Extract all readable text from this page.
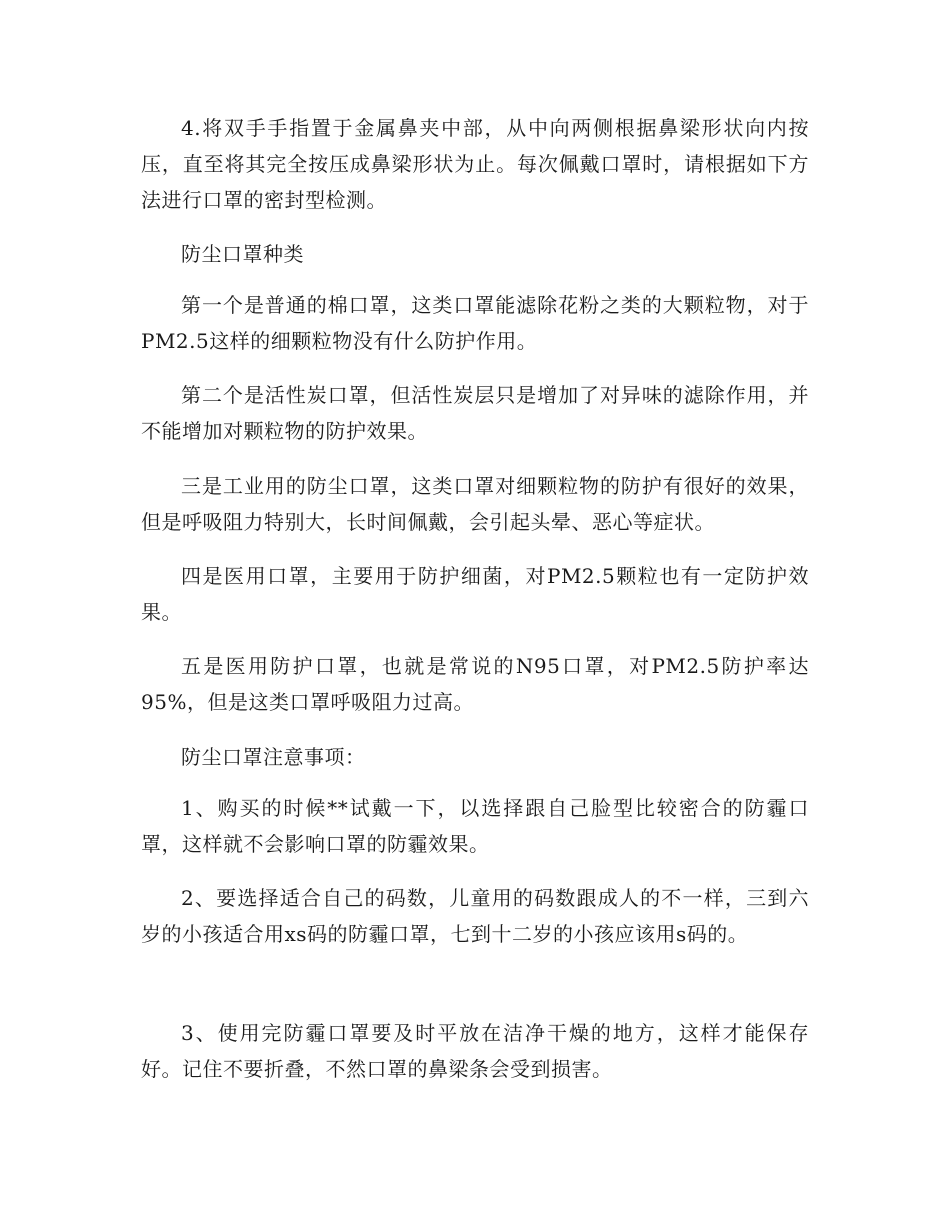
4.将双手手指置于金属鼻夹中部，从中向两侧根据鼻梁形状向内按压，直至将其完全按压成鼻梁形状为止。每次佩戴口罩时，请根据如下方法进行口罩的密封型检测。

防尘口罩种类

第一个是普通的棉口罩，这类口罩能滤除花粉之类的大颗粒物，对于PM2.5这样的细颗粒物没有什么防护作用。

第二个是活性炭口罩，但活性炭层只是增加了对异味的滤除作用，并不能增加对颗粒物的防护效果。

三是工业用的防尘口罩，这类口罩对细颗粒物的防护有很好的效果，但是呼吸阻力特别大，长时间佩戴，会引起头晕、恶心等症状。

四是医用口罩，主要用于防护细菌，对PM2.5颗粒也有一定防护效果。

五是医用防护口罩，也就是常说的N95口罩，对PM2.5防护率达95%，但是这类口罩呼吸阻力过高。

防尘口罩注意事项：

1、购买的时候**试戴一下，以选择跟自己脸型比较密合的防霾口罩，这样就不会影响口罩的防霾效果。

2、要选择适合自己的码数，儿童用的码数跟成人的不一样，三到六岁的小孩适合用xs码的防霾口罩，七到十二岁的小孩应该用s码的。

3、使用完防霾口罩要及时平放在洁净干燥的地方，这样才能保存好。记住不要折叠，不然口罩的鼻梁条会受到损害。
